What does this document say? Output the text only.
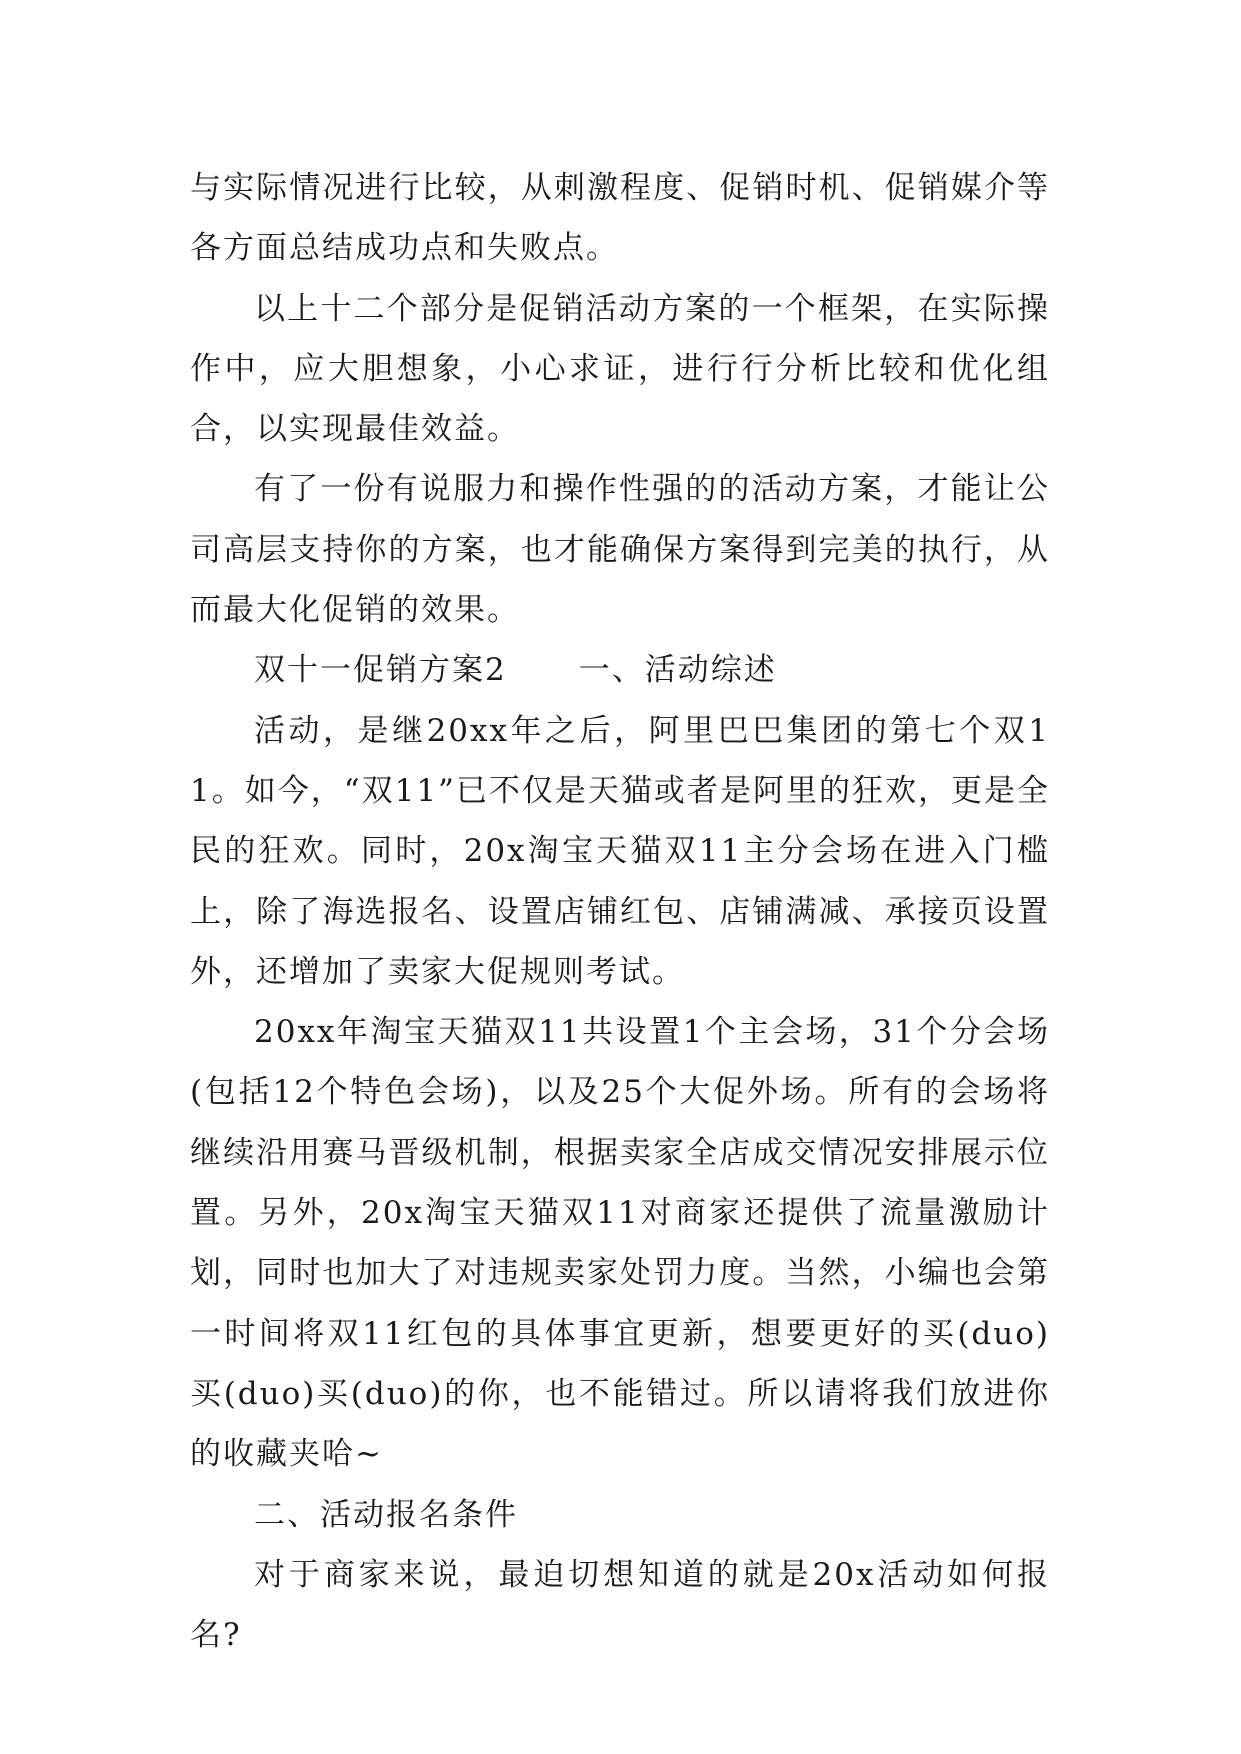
与实际情况进行比较，从刺激程度、促销时机、促销媒介等各方面总结成功点和失败点。

以上十二个部分是促销活动方案的一个框架，在实际操作中，应大胆想象，小心求证，进行行分析比较和优化组合，以实现最佳效益。

有了一份有说服力和操作性强的的活动方案，才能让公司高层支持你的方案，也才能确保方案得到完美的执行，从而最大化促销的效果。

双十一促销方案2 一、活动综述

活动，是继20xx年之后，阿里巴巴集团的第七个双11。如今，“双11”已不仅是天猫或者是阿里的狂欢，更是全民的狂欢。同时，20x淘宝天猫双11主分会场在进入门槛上，除了海选报名、设置店铺红包、店铺满减、承接页设置外，还增加了卖家大促规则考试。

20xx年淘宝天猫双11共设置1个主会场，31个分会场(包括12个特色会场)，以及25个大促外场。所有的会场将继续沿用赛马晋级机制，根据卖家全店成交情况安排展示位置。另外，20x淘宝天猫双11对商家还提供了流量激励计划，同时也加大了对违规卖家处罚力度。当然，小编也会第一时间将双11红包的具体事宜更新，想要更好的买(duo)买(duo)买(duo)的你，也不能错过。所以请将我们放进你的收藏夹哈~

二、活动报名条件

对于商家来说，最迫切想知道的就是20x活动如何报名?
